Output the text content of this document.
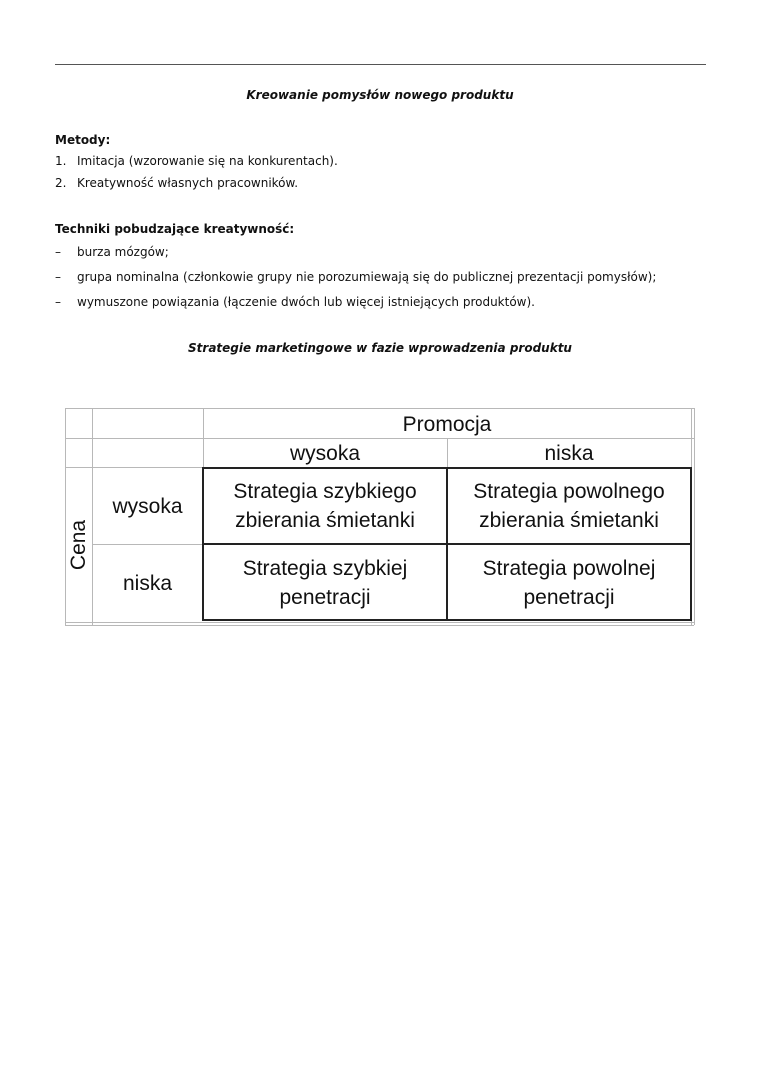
Kreowanie pomysłów nowego produktu
Metody:
1. Imitacja (wzorowanie się na konkurentach).
2. Kreatywność własnych pracowników.
Techniki pobudzające kreatywność:
– burza mózgów;
– grupa nominalna (członkowie grupy nie porozumiewają się do publicznej prezentacji pomysłów);
– wymuszone powiązania (łączenie dwóch lub więcej istniejących produktów).
Strategie marketingowe w fazie wprowadzenia produktu
Promocja
wysoka	niska
Cena
wysoka
niska
Strategia szybkiego
zbierania śmietanki
Strategia powolnego
zbierania śmietanki
Strategia szybkiej
penetracji
Strategia powolnej
penetracji
